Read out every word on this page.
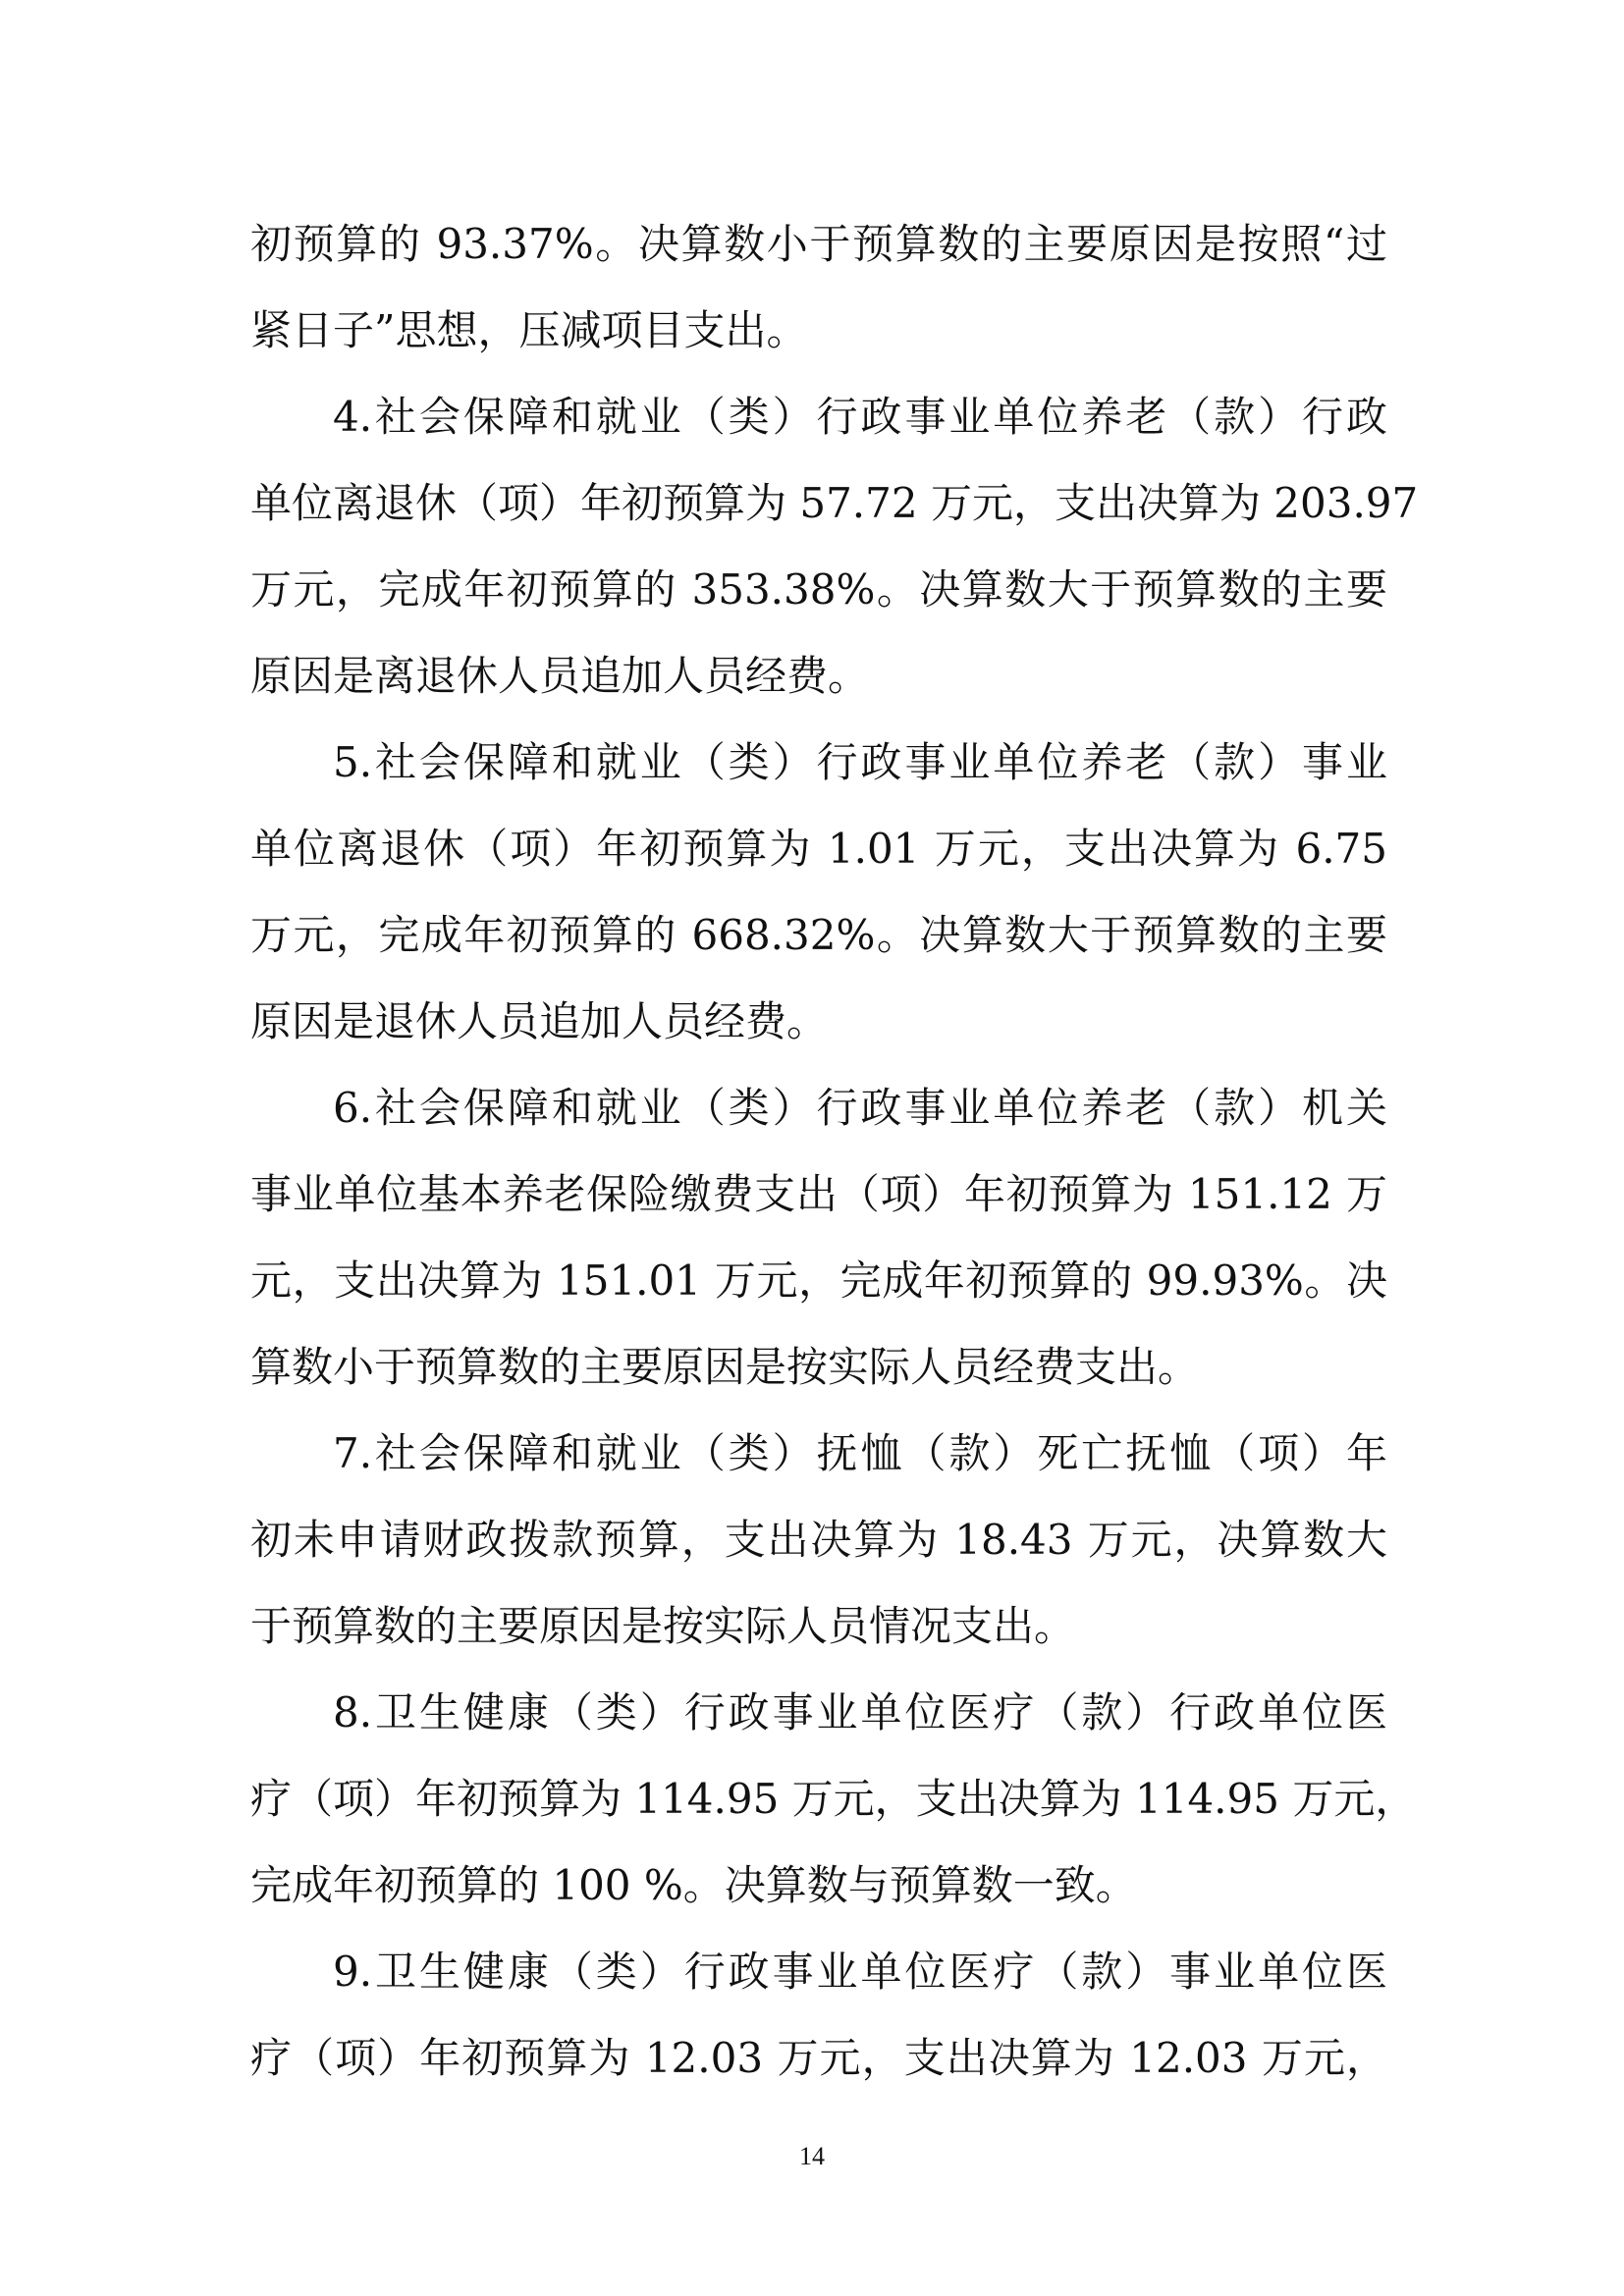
初预算的 93.37%。决算数小于预算数的主要原因是按照“过
紧日子”思想，压减项目支出。
4.社会保障和就业（类）行政事业单位养老（款）行政
单位离退休（项）年初预算为 57.72 万元，支出决算为 203.97
万元，完成年初预算的 353.38%。决算数大于预算数的主要
原因是离退休人员追加人员经费。
5.社会保障和就业（类）行政事业单位养老（款）事业
单位离退休（项）年初预算为 1.01 万元，支出决算为 6.75
万元，完成年初预算的 668.32%。决算数大于预算数的主要
原因是退休人员追加人员经费。
6.社会保障和就业（类）行政事业单位养老（款）机关
事业单位基本养老保险缴费支出（项）年初预算为 151.12 万
元，支出决算为 151.01 万元，完成年初预算的 99.93%。决
算数小于预算数的主要原因是按实际人员经费支出。
7.社会保障和就业（类）抚恤（款）死亡抚恤（项）年
初未申请财政拨款预算，支出决算为 18.43 万元，决算数大
于预算数的主要原因是按实际人员情况支出。
8.卫生健康（类）行政事业单位医疗（款）行政单位医
疗（项）年初预算为 114.95 万元，支出决算为 114.95 万元，
完成年初预算的 100 %。决算数与预算数一致。
9.卫生健康（类）行政事业单位医疗（款）事业单位医
疗（项）年初预算为 12.03 万元，支出决算为 12.03 万元，
14
